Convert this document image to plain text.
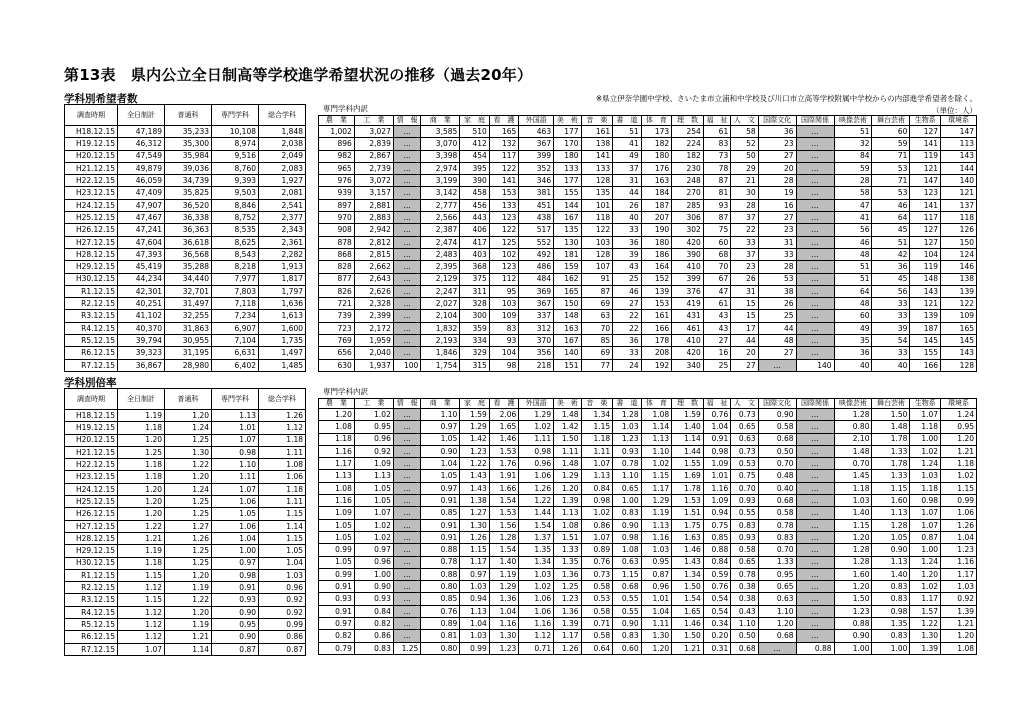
第13表　県内公立全日制高等学校進学希望状況の推移（過去20年）
学科別希望者数	※県立伊奈学園中学校、さいたま市立浦和中学校及び川口市立高等学校附属中学校からの内部進学希望者を除く。
（単位：人）
専門学科内訳
学科別倍率
専門学科内訳
調査時期	全日制計	普通科	専門学科	総合学科
H18.12.15	47,189	35,233	10,108	1,848
H19.12.15	46,312	35,300	8,974	2,038
H20.12.15	47,549	35,984	9,516	2,049
H21.12.15	49,879	39,036	8,760	2,083
H22.12.15	46,059	34,739	9,393	1,927
H23.12.15	47,409	35,825	9,503	2,081
H24.12.15	47,907	36,520	8,846	2,541
H25.12.15	47,467	36,338	8,752	2,377
H26.12.15	47,241	36,363	8,535	2,343
H27.12.15	47,604	36,618	8,625	2,361
H28.12.15	47,393	36,568	8,543	2,282
H29.12.15	45,419	35,288	8,218	1,913
H30.12.15	44,234	34,440	7,977	1,817
R1.12.15	42,301	32,701	7,803	1,797
R2.12.15	40,251	31,497	7,118	1,636
R3.12.15	41,102	32,255	7,234	1,613
R4.12.15	40,370	31,863	6,907	1,600
R5.12.15	39,794	30,955	7,104	1,735
R6.12.15	39,323	31,195	6,631	1,497
R7.12.15	36,867	28,980	6,402	1,485
農　業	工　業	情　報	商　業	家　庭	看　護	外国語	美　術	音　楽	書　道	体　育	理　数	福　祉	人　文	国際文化	国際関係	映像芸術	舞台芸術	生物系	環境系
1,002	3,027	…	3,585	510	165	463	177	161	51	173	254	61	58	36	…	51	60	127	147
896	2,839	…	3,070	412	132	367	170	138	41	182	224	83	52	23	…	32	59	141	113
982	2,867	…	3,398	454	117	399	180	141	49	180	182	73	50	27	…	84	71	119	143
965	2,739	…	2,974	395	122	352	133	133	37	176	230	78	29	20	…	59	53	121	144
976	3,072	…	3,199	390	141	346	177	128	31	163	248	87	21	28	…	28	71	147	140
939	3,157	…	3,142	458	153	381	155	135	44	184	270	81	30	19	…	58	53	123	121
897	2,881	…	2,777	456	133	451	144	101	26	187	285	93	28	16	…	47	46	141	137
970	2,883	…	2,566	443	123	438	167	118	40	207	306	87	37	27	…	41	64	117	118
908	2,942	…	2,387	406	122	517	135	122	33	190	302	75	22	23	…	56	45	127	126
878	2,812	…	2,474	417	125	552	130	103	36	180	420	60	33	31	…	46	51	127	150
868	2,815	…	2,483	403	102	492	181	128	39	186	390	68	37	33	…	48	42	104	124
828	2,662	…	2,395	368	123	486	159	107	43	164	410	70	23	28	…	51	36	119	146
877	2,643	…	2,129	375	112	484	162	91	25	152	399	67	26	53	…	51	45	148	138
826	2,626	…	2,247	311	95	369	165	87	46	139	376	47	31	38	…	64	56	143	139
721	2,328	…	2,027	328	103	367	150	69	27	153	419	61	15	26	…	48	33	121	122
739	2,399	…	2,104	300	109	337	148	63	22	161	431	43	15	25	…	60	33	139	109
723	2,172	…	1,832	359	83	312	163	70	22	166	461	43	17	44	…	49	39	187	165
769	1,959	…	2,193	334	93	370	167	85	36	178	410	27	44	48	…	35	54	145	145
656	2,040	…	1,846	329	104	356	140	69	33	208	420	16	20	27	…	36	33	155	143
630	1,937	100	1,754	315	98	218	151	77	24	192	340	25	27	…	140	40	40	166	128
調査時期	全日制計	普通科	専門学科	総合学科
H18.12.15	1.19	1.20	1.13	1.26
H19.12.15	1.18	1.24	1.01	1.12
H20.12.15	1.20	1.25	1.07	1.18
H21.12.15	1.25	1.30	0.98	1.11
H22.12.15	1.18	1.22	1.10	1.08
H23.12.15	1.18	1.20	1.11	1.06
H24.12.15	1.20	1.24	1.07	1.18
H25.12.15	1.20	1.25	1.06	1.11
H26.12.15	1.20	1.25	1.05	1.15
H27.12.15	1.22	1.27	1.06	1.14
H28.12.15	1.21	1.26	1.04	1.15
H29.12.15	1.19	1.25	1.00	1.05
H30.12.15	1.18	1.25	0.97	1.04
R1.12.15	1.15	1.20	0.98	1.03
R2.12.15	1.12	1.19	0.91	0.96
R3.12.15	1.15	1.22	0.93	0.92
R4.12.15	1.12	1.20	0.90	0.92
R5.12.15	1.12	1.19	0.95	0.99
R6.12.15	1.12	1.21	0.90	0.86
R7.12.15	1.07	1.14	0.87	0.87
農　業	工　業	情　報	商　業	家　庭	看　護	外国語	美　術	音　楽	書　道	体　育	理　数	福　祉	人　文	国際文化	国際関係	映像芸術	舞台芸術	生物系	環境系
1.20	1.02	…	1.10	1.59	2.06	1.29	1.48	1.34	1.28	1.08	1.59	0.76	0.73	0.90	…	1.28	1.50	1.07	1.24
1.08	0.95	…	0.97	1.29	1.65	1.02	1.42	1.15	1.03	1.14	1.40	1.04	0.65	0.58	…	0.80	1.48	1.18	0.95
1.18	0.96	…	1.05	1.42	1.46	1.11	1.50	1.18	1.23	1.13	1.14	0.91	0.63	0.68	…	2.10	1.78	1.00	1.20
1.16	0.92	…	0.90	1.23	1.53	0.98	1.11	1.11	0.93	1.10	1.44	0.98	0.73	0.50	…	1.48	1.33	1.02	1.21
1.17	1.09	…	1.04	1.22	1.76	0.96	1.48	1.07	0.78	1.02	1.55	1.09	0.53	0.70	…	0.70	1.78	1.24	1.18
1.13	1.13	…	1.05	1.43	1.91	1.06	1.29	1.13	1.10	1.15	1.69	1.01	0.75	0.48	…	1.45	1.33	1.03	1.02
1.08	1.05	…	0.97	1.43	1.66	1.26	1.20	0.84	0.65	1.17	1.78	1.16	0.70	0.40	…	1.18	1.15	1.18	1.15
1.16	1.05	…	0.91	1.38	1.54	1.22	1.39	0.98	1.00	1.29	1.53	1.09	0.93	0.68	…	1.03	1.60	0.98	0.99
1.09	1.07	…	0.85	1.27	1.53	1.44	1.13	1.02	0.83	1.19	1.51	0.94	0.55	0.58	…	1.40	1.13	1.07	1.06
1.05	1.02	…	0.91	1.30	1.56	1.54	1.08	0.86	0.90	1.13	1.75	0.75	0.83	0.78	…	1.15	1.28	1.07	1.26
1.05	1.02	…	0.91	1.26	1.28	1.37	1.51	1.07	0.98	1.16	1.63	0.85	0.93	0.83	…	1.20	1.05	0.87	1.04
0.99	0.97	…	0.88	1.15	1.54	1.35	1.33	0.89	1.08	1.03	1.46	0.88	0.58	0.70	…	1.28	0.90	1.00	1.23
1.05	0.96	…	0.78	1.17	1.40	1.34	1.35	0.76	0.63	0.95	1.43	0.84	0.65	1.33	…	1.28	1.13	1.24	1.16
0.99	1.00	…	0.88	0.97	1.19	1.03	1.36	0.73	1.15	0.87	1.34	0.59	0.78	0.95	…	1.60	1.40	1.20	1.17
0.91	0.90	…	0.80	1.03	1.29	1.02	1.25	0.58	0.68	0.96	1.50	0.76	0.38	0.65	…	1.20	0.83	1.02	1.03
0.93	0.93	…	0.85	0.94	1.36	1.06	1.23	0.53	0.55	1.01	1.54	0.54	0.38	0.63	…	1.50	0.83	1.17	0.92
0.91	0.84	…	0.76	1.13	1.04	1.06	1.36	0.58	0.55	1.04	1.65	0.54	0.43	1.10	…	1.23	0.98	1.57	1.39
0.97	0.82	…	0.89	1.04	1.16	1.16	1.39	0.71	0.90	1.11	1.46	0.34	1.10	1.20	…	0.88	1.35	1.22	1.21
0.82	0.86	…	0.81	1.03	1.30	1.12	1.17	0.58	0.83	1.30	1.50	0.20	0.50	0.68	…	0.90	0.83	1.30	1.20
0.79	0.83	1.25	0.80	0.99	1.23	0.71	1.26	0.64	0.60	1.20	1.21	0.31	0.68	…	0.88	1.00	1.00	1.39	1.08
